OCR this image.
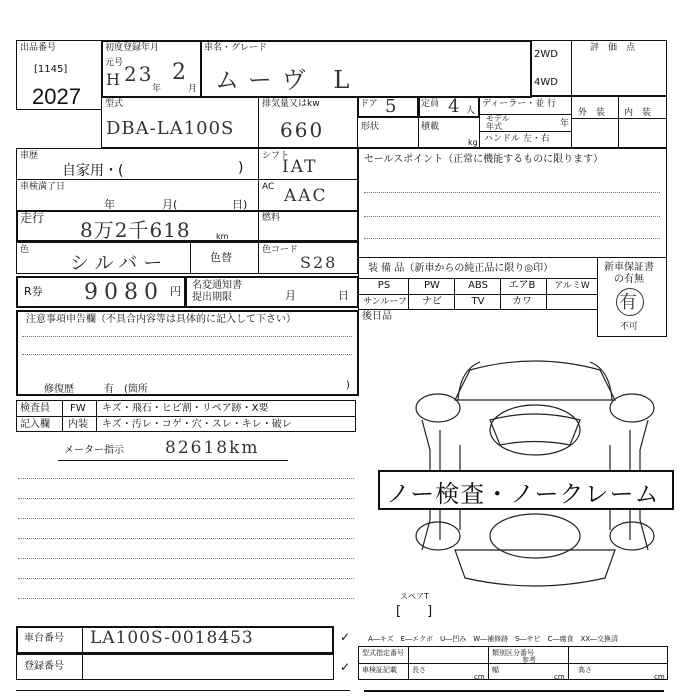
出品番号
[1145]
2027
初度登録年月
元号
H 23
年
2
月
車名・グレード
ムーヴ L
2WD
4WD
評　価　点
型式
DBA-LA100S
排気量又はkw
660
ドア 5	定員 4 人
ディーラー・並 行
モデル
年式	年
ハンドル 左・右
形状	積載
kg
外　装 内　装
車歴
自家用・(	)
シフト
IAT
車検満了日
年	月(	日)
AC AAC
走行 8万2千618	km
燃料
色
シルバー	色替
色コード
S28
R券 9080 円 名変通知書
提出期限	月	日
注意事項申告欄（不具合内容等は具体的に記入して下さい）
修復歴	有　(箇所	)
セールスポイント（正常に機能するものに限ります）
装 備 品（新車からの純正品に限り◎印）
PS	PW	ABS	エアB	アルミW
サンルーフ	ナビ	TV	カワ
新車保証書
の有無
有
不可
後日品
検査員
記入欄
FW キズ・飛石・ヒビ割・リペア跡・X要
内装 キズ・汚レ・コゲ・穴・スレ・キレ・破レ
メーター指示 82618km
ノー検査・ノークレーム
スペアT
[　　]
車台番号 LA100S-0018453
登録番号
✓
✓
A―キズ　E―エクボ　U―凹み　W―補修跡　S―サビ　C―腐食　XX―交換済
型式指定番号	類別区分番号
参考
車検証記載 長さ	幅	高さ
cm	cm	cm
